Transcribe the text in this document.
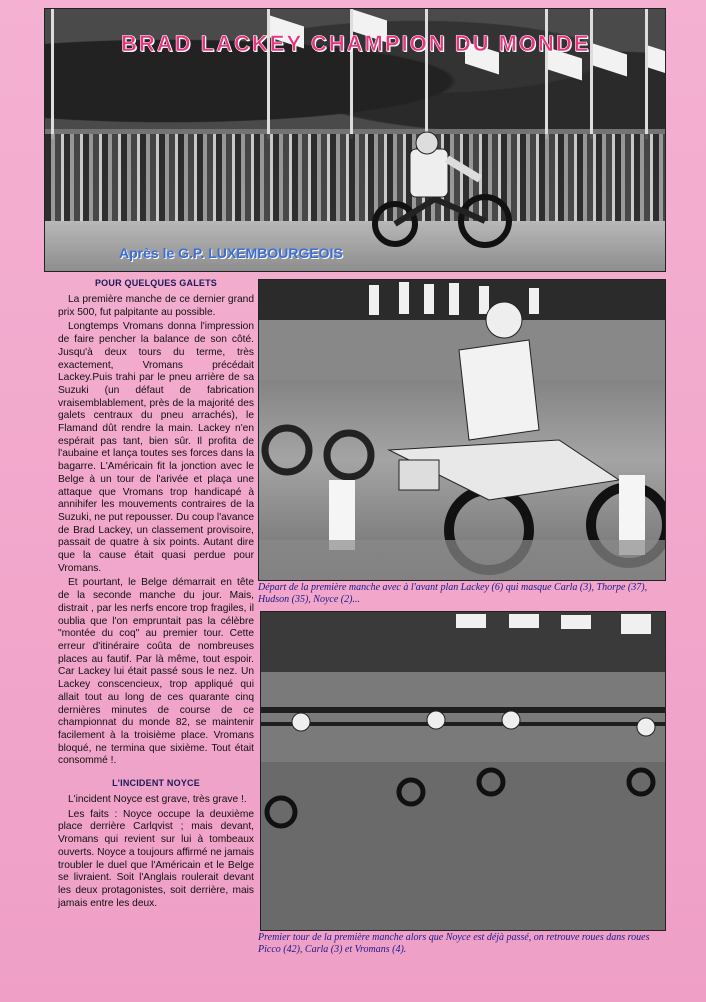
BRAD LACKEY CHAMPION DU MONDE
Après le G.P. LUXEMBOURGEOIS
POUR QUELQUES GALETS

La première manche de ce dernier grand prix 500, fut palpitante au possible.

Longtemps Vromans donna l'impression de faire pencher la balance de son côté. Jusqu'à deux tours du terme, très exactement, Vromans précédait Lackey.Puis trahi par le pneu arrière de sa Suzuki (un défaut de fabrication vraisemblablement, près de la majorité des galets centraux du pneu arrachés), le Flamand dût rendre la main. Lackey n'en espérait pas tant, bien sûr. Il profita de l'aubaine et lança toutes ses forces dans la bagarre. L'Américain fit la jonction avec le Belge à un tour de l'arivée et plaça une attaque que Vromans trop handicapé à annihifer les mouvements contraires de la Suzuki, ne put repousser. Du coup l'avance de Brad Lackey, un classement provisoire, passait de quatre à six points. Autant dire que la cause était quasi perdue pour Vromans.

Et pourtant, le Belge démarrait en tête de la seconde manche du jour. Mais, distrait , par les nerfs encore trop fragiles, il oublia que l'on empruntait pas la célèbre "montée du coq" au premier tour. Cette erreur d'itinéraire coûta de nombreuses places au fautif. Par là même, tout espoir. Car Lackey lui était passé sous le nez. Un Lackey conscencieux, trop appliqué qui allait tout au long de ces quarante cinq dernières minutes de course de ce championnat du monde 82, se maintenir facilement à la troisième place. Vromans bloqué, ne termina que sixième. Tout était consommé !.

L'INCIDENT NOYCE

L'incident Noyce est grave, très grave !.

Les faits : Noyce occupe la deuxième place derrière Carlqvist ; mais devant, Vromans qui revient sur lui à tombeaux ouverts. Noyce a toujours affirmé ne jamais troubler le duel que l'Américain et le Belge se livraient. Soit l'Anglais roulerait devant les deux protagonistes, soit derrière, mais jamais entre les deux.

Départ de la première manche avec à l'avant plan Lackey (6) qui masque Carla (3), Thorpe (37), Hudson (35), Noyce (2)...
Premier tour de la première manche alors que Noyce est déjà passé, on retrouve roues dans roues Picco (42), Carla (3) et Vromans (4).
